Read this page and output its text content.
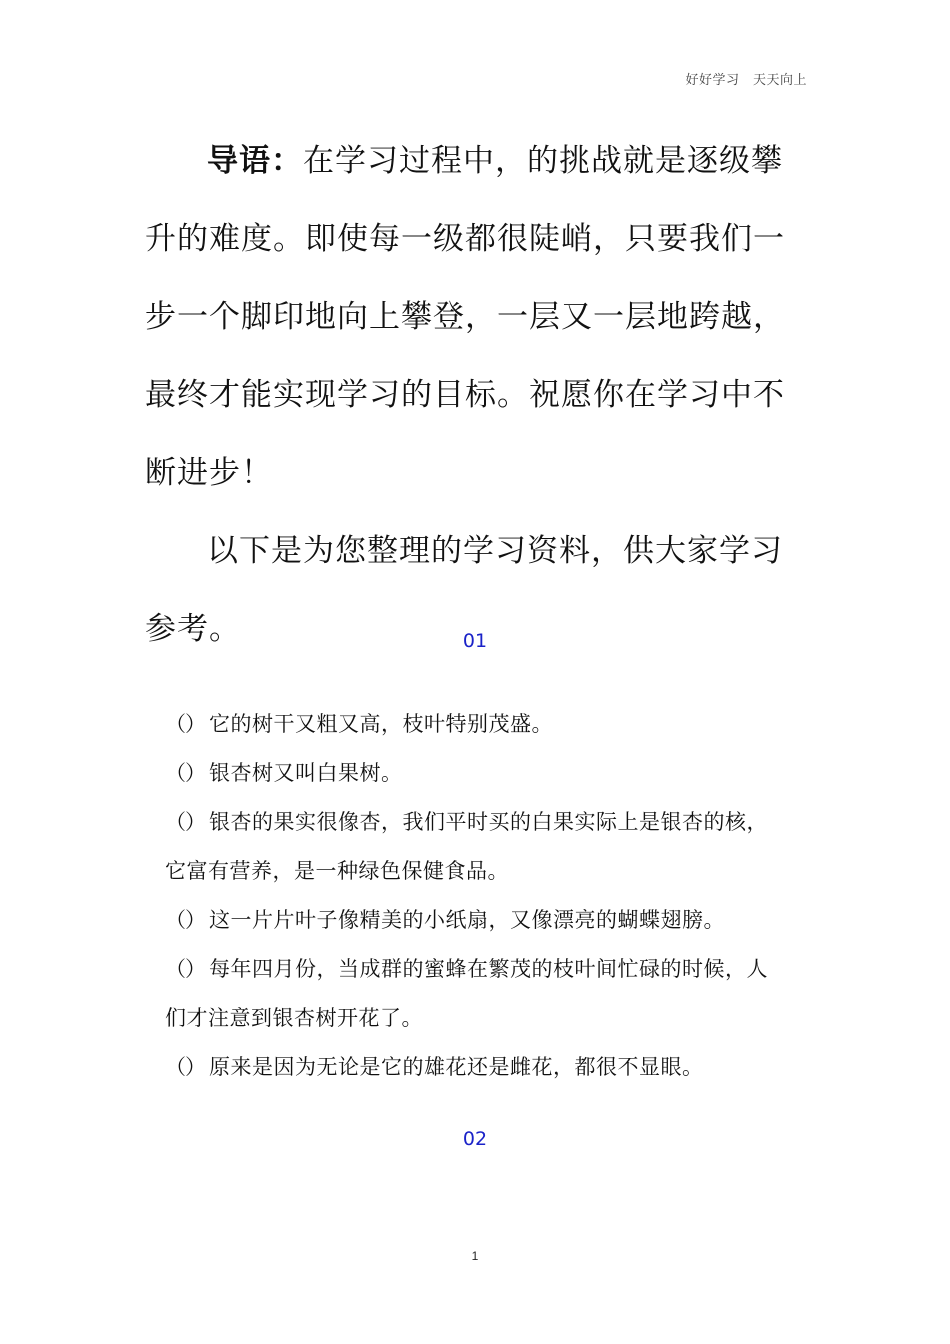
好好学习　天天向上

导语：在学习过程中，的挑战就是逐级攀升的难度。即使每一级都很陡峭，只要我们一步一个脚印地向上攀登，一层又一层地跨越，最终才能实现学习的目标。祝愿你在学习中不断进步！

以下是为您整理的学习资料，供大家学习参考。	01

（） 它的树干又粗又高，枝叶特别茂盛。

（） 银杏树又叫白果树。

（） 银杏的果实很像杏，我们平时买的白果实际上是银杏的核，它富有营养，是一种绿色保健食品。

（） 这一片片叶子像精美的小纸扇，又像漂亮的蝴蝶翅膀。

（） 每年四月份，当成群的蜜蜂在繁茂的枝叶间忙碌的时候，人们才注意到银杏树开花了。

（） 原来是因为无论是它的雄花还是雌花，都很不显眼。

02
1
